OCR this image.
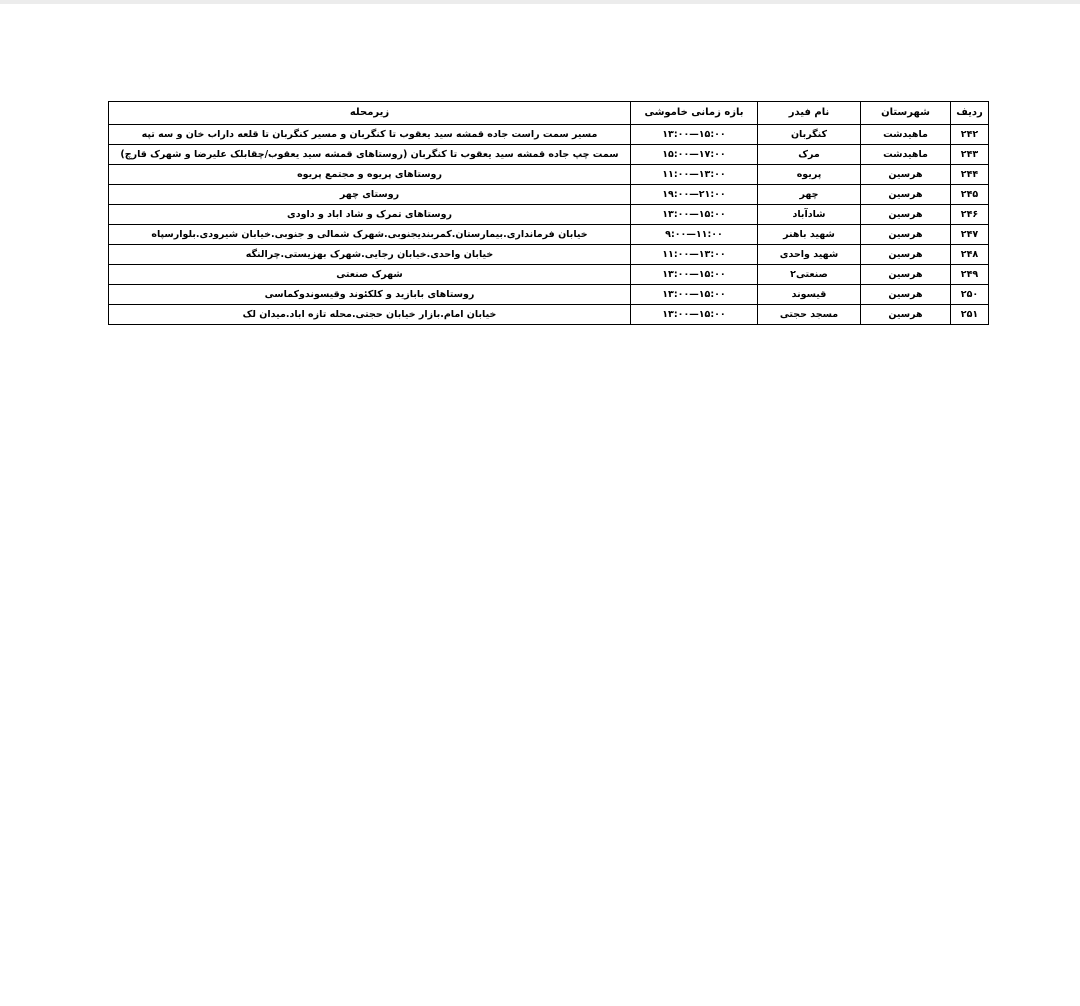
ردیف	شهرستان	نام فیدر	بازه زمانی خاموشی	زیرمحله
۲۴۲	ماهیدشت	کنگربان	۱۳:۰۰—۱۵:۰۰	مسیر سمت راست جاده قمشه سید یعقوب تا کنگربان و مسیر کنگربان تا قلعه داراب خان و سه تپه
۲۴۳	ماهیدشت	مرک	۱۵:۰۰—۱۷:۰۰	سمت چپ جاده قمشه سید یعقوب تا کنگربان (روستاهای قمشه سید یعقوب/چقابلک علیرضا و شهرک قارچ)
۲۴۴	هرسین	پریوه	۱۱:۰۰—۱۳:۰۰	روستاهای پریوه و مجتمع پریوه
۲۴۵	هرسین	چهر	۱۹:۰۰—۲۱:۰۰	روستای چهر
۲۴۶	هرسین	شادآباد	۱۳:۰۰—۱۵:۰۰	روستاهای تمرک و شاد اباد و داودی
۲۴۷	هرسین	شهید باهنر	۹:۰۰—۱۱:۰۰	خیابان فرمانداری.بیمارستان.کمربندیجنوبی.شهرک شمالی و جنوبی.خیابان شیرودی.بلوارسپاه
۲۴۸	هرسین	شهید واحدی	۱۱:۰۰—۱۳:۰۰	خیابان واحدی.خیابان رجایی.شهرک بهزیستی.چرالنگه
۲۴۹	هرسین	صنعتی۲	۱۳:۰۰—۱۵:۰۰	شهرک صنعتی
۲۵۰	هرسین	قیسوند	۱۳:۰۰—۱۵:۰۰	روستاهای بابازید و کلکئوند وقیسوندوکماسی
۲۵۱	هرسین	مسجد حجتی	۱۳:۰۰—۱۵:۰۰	خیابان امام.بازار خیابان حجتی.محله تازه اباد.میدان لک
